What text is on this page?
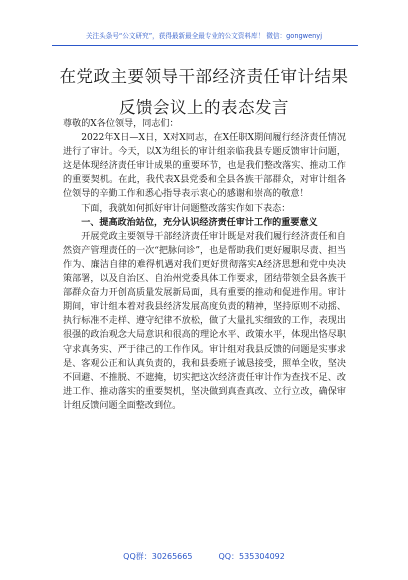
关注头条号“公文研究”，获得最新最全最专业的公文资料库！ 微信：gongwenyj
在党政主要领导干部经济责任审计结果
反馈会议上的表态发言

尊敬的X各位领导，同志们：

2022年X日—X日，X对X同志，在X任职X期间履行经济责任情况进行了审计。今天，以X为组长的审计组亲临我县专题反馈审计问题，这是体现经济责任审计成果的重要环节，也是我们整改落实、推动工作的重要契机。在此，我代表X县党委和全县各族干部群众，对审计组各位领导的辛勤工作和悉心指导表示衷心的感谢和崇高的敬意！

下面，我就如何抓好审计问题整改落实作如下表态：

一、提高政治站位，充分认识经济责任审计工作的重要意义

开展党政主要领导干部经济责任审计既是对我们履行经济责任和自然资产管理责任的一次“把脉问诊”，也是帮助我们更好履职尽责、担当作为、廉洁自律的难得机遇对我们更好贯彻落实A经济思想和党中央决策部署，以及自治区、自治州党委具体工作要求，团结带领全县各族干部群众奋力开创高质量发展新局面，具有重要的推动和促进作用。审计期间，审计组本着对我县经济发展高度负责的精神，坚持原则不动摇、执行标准不走样、遵守纪律不放松，做了大量扎实细致的工作，表现出很强的政治观念大局意识和很高的理论水平、政策水平，体现出恪尽职守求真务实、严于律己的工作作风。审计组对我县反馈的问题是实事求是、客观公正和认真负责的，我和县委班子诚恳接受，照单全收，坚决不回避、不推脱、不遮掩，切实把这次经济责任审计作为查找不足、改进工作、推动落实的重要契机，坚决做到真查真改、立行立改，确保审计组反馈问题全面整改到位。

QQ群：30265665	QQ：535304092
